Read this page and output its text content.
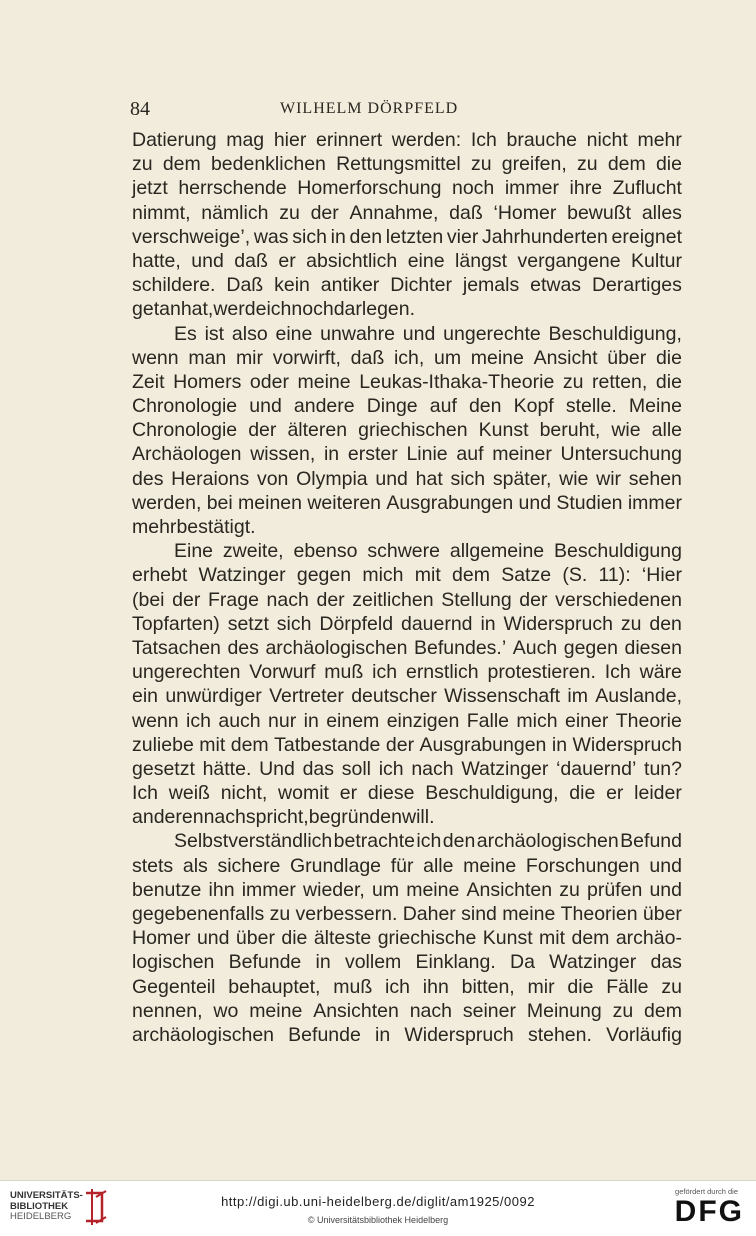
84	WILHELM DÖRPFELD
Datierung mag hier erinnert werden: Ich brauche nicht mehr
zu dem bedenklichen Rettungsmittel zu greifen, zu dem die
jetzt herrschende Homerforschung noch immer ihre Zuflucht
nimmt, nämlich zu der Annahme, daß ‘Homer bewußt alles
verschweige’, was sich in den letzten vier Jahrhunderten ereignet
hatte, und daß er absichtlich eine längst vergangene Kultur
schildere. Daß kein antiker Dichter jemals etwas Derartiges
getan hat, werde ich noch darlegen.
Es ist also eine unwahre und ungerechte Beschuldigung,
wenn man mir vorwirft, daß ich, um meine Ansicht über die
Zeit Homers oder meine Leukas-Ithaka-Theorie zu retten, die
Chronologie und andere Dinge auf den Kopf stelle. Meine
Chronologie der älteren griechischen Kunst beruht, wie alle
Archäologen wissen, in erster Linie auf meiner Untersuchung
des Heraions von Olympia und hat sich später, wie wir sehen
werden, bei meinen weiteren Ausgrabungen und Studien immer
mehr bestätigt.
Eine zweite, ebenso schwere allgemeine Beschuldigung
erhebt Watzinger gegen mich mit dem Satze (S. 11): ‘Hier
(bei der Frage nach der zeitlichen Stellung der verschiedenen
Topfarten) setzt sich Dörpfeld dauernd in Widerspruch zu den
Tatsachen des archäologischen Befundes.’ Auch gegen diesen
ungerechten Vorwurf muß ich ernstlich protestieren. Ich wäre
ein unwürdiger Vertreter deutscher Wissenschaft im Auslande,
wenn ich auch nur in einem einzigen Falle mich einer Theorie
zuliebe mit dem Tatbestande der Ausgrabungen in Widerspruch
gesetzt hätte. Und das soll ich nach Watzinger ‘dauernd’ tun?
Ich weiß nicht, womit er diese Beschuldigung, die er leider
anderen nachspricht, begründen will.
Selbstverständlich betrachte ich den archäologischen Befund
stets als sichere Grundlage für alle meine Forschungen und
benutze ihn immer wieder, um meine Ansichten zu prüfen und
gegebenenfalls zu verbessern. Daher sind meine Theorien über
Homer und über die älteste griechische Kunst mit dem archäo-
logischen Befunde in vollem Einklang. Da Watzinger das
Gegenteil behauptet, muß ich ihn bitten, mir die Fälle zu
nennen, wo meine Ansichten nach seiner Meinung zu dem
archäologischen Befunde in Widerspruch stehen. Vorläufig
UNIVERSITÄTS-
BIBLIOTHEK
HEIDELBERG
http://digi.ub.uni-heidelberg.de/diglit/am1925/0092
© Universitätsbibliothek Heidelberg
gefördert durch die
DFG
